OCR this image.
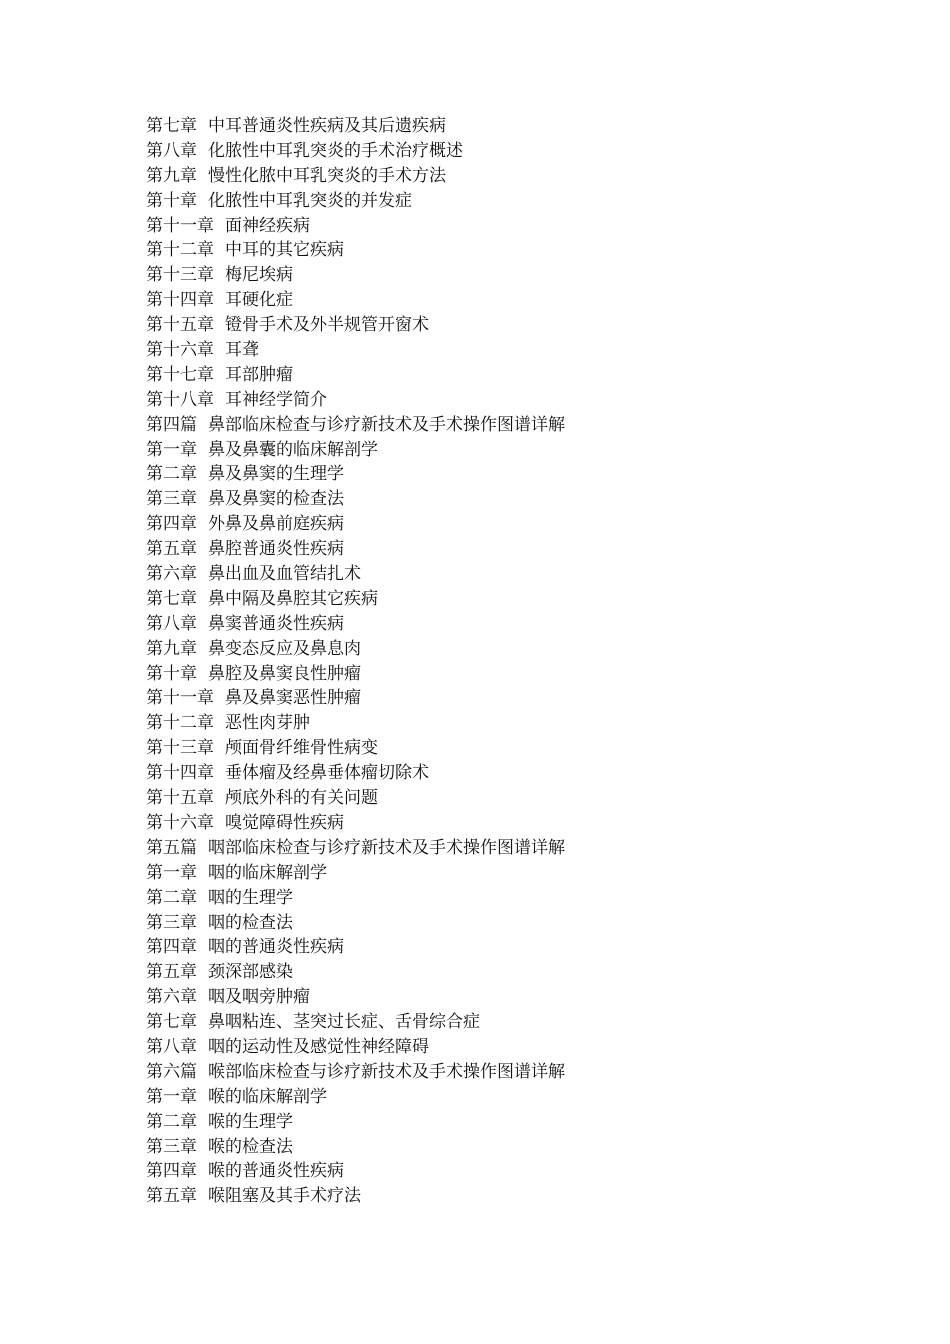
第七章 中耳普通炎性疾病及其后遗疾病
第八章 化脓性中耳乳突炎的手术治疗概述
第九章 慢性化脓中耳乳突炎的手术方法
第十章 化脓性中耳乳突炎的并发症
第十一章 面神经疾病
第十二章 中耳的其它疾病
第十三章 梅尼埃病
第十四章 耳硬化症
第十五章 镫骨手术及外半规管开窗术
第十六章 耳聋
第十七章 耳部肿瘤
第十八章 耳神经学简介
第四篇 鼻部临床检查与诊疗新技术及手术操作图谱详解
第一章 鼻及鼻囊的临床解剖学
第二章 鼻及鼻窦的生理学
第三章 鼻及鼻窦的检查法
第四章 外鼻及鼻前庭疾病
第五章 鼻腔普通炎性疾病
第六章 鼻出血及血管结扎术
第七章 鼻中隔及鼻腔其它疾病
第八章 鼻窦普通炎性疾病
第九章 鼻变态反应及鼻息肉
第十章 鼻腔及鼻窦良性肿瘤
第十一章 鼻及鼻窦恶性肿瘤
第十二章 恶性肉芽肿
第十三章 颅面骨纤维骨性病变
第十四章 垂体瘤及经鼻垂体瘤切除术
第十五章 颅底外科的有关问题
第十六章 嗅觉障碍性疾病
第五篇 咽部临床检查与诊疗新技术及手术操作图谱详解
第一章 咽的临床解剖学
第二章 咽的生理学
第三章 咽的检查法
第四章 咽的普通炎性疾病
第五章 颈深部感染
第六章 咽及咽旁肿瘤
第七章 鼻咽粘连、茎突过长症、舌骨综合症
第八章 咽的运动性及感觉性神经障碍
第六篇 喉部临床检查与诊疗新技术及手术操作图谱详解
第一章 喉的临床解剖学
第二章 喉的生理学
第三章 喉的检查法
第四章 喉的普通炎性疾病
第五章 喉阻塞及其手术疗法
